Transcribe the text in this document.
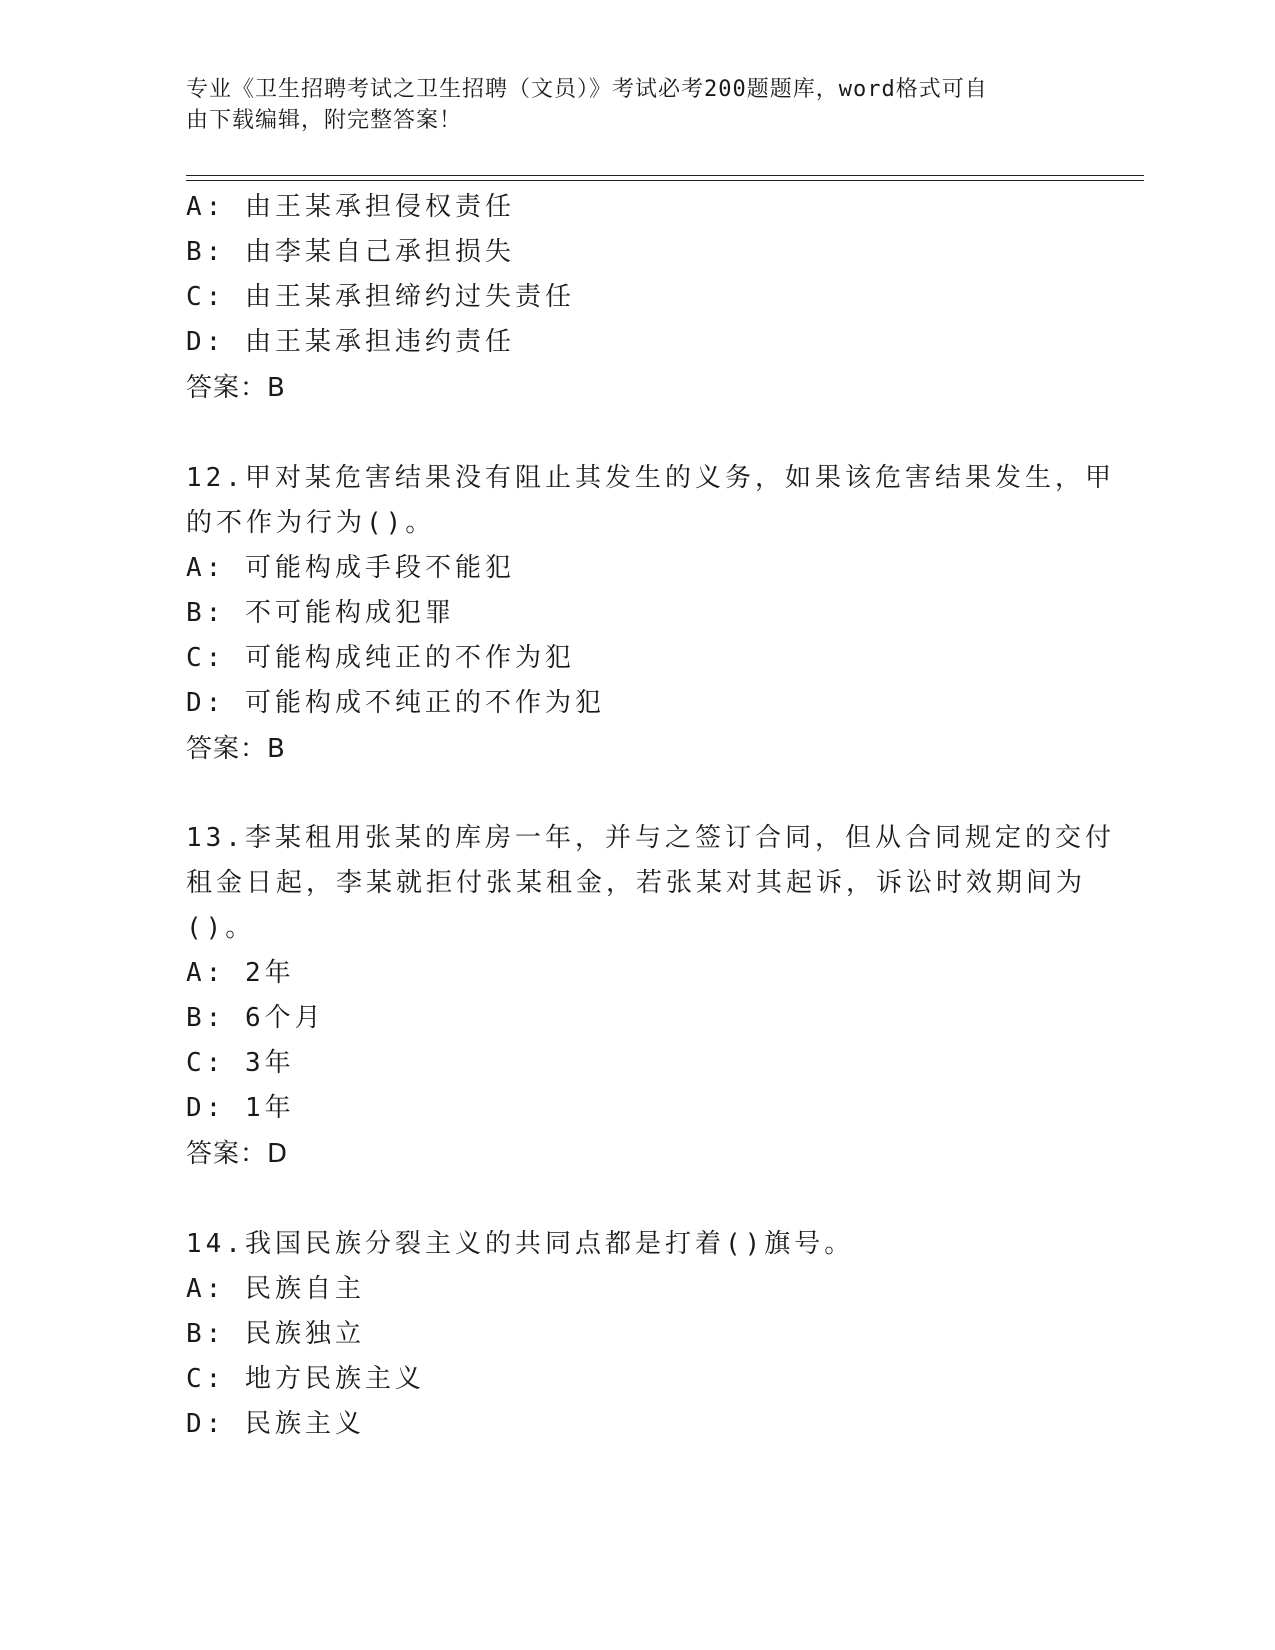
专业《卫生招聘考试之卫生招聘（文员）》考试必考200题题库，word格式可自
由下载编辑，附完整答案！
A: 由王某承担侵权责任
B: 由李某自己承担损失
C: 由王某承担缔约过失责任
D: 由王某承担违约责任
答案：B
12.甲对某危害结果没有阻止其发生的义务，如果该危害结果发生，甲
的不作为行为()。
A: 可能构成手段不能犯
B: 不可能构成犯罪
C: 可能构成纯正的不作为犯
D: 可能构成不纯正的不作为犯
答案：B
13.李某租用张某的库房一年，并与之签订合同，但从合同规定的交付
租金日起，李某就拒付张某租金，若张某对其起诉，诉讼时效期间为
()。
A: 2年
B: 6个月
C: 3年
D: 1年
答案：D
14.我国民族分裂主义的共同点都是打着()旗号。
A: 民族自主
B: 民族独立
C: 地方民族主义
D: 民族主义
